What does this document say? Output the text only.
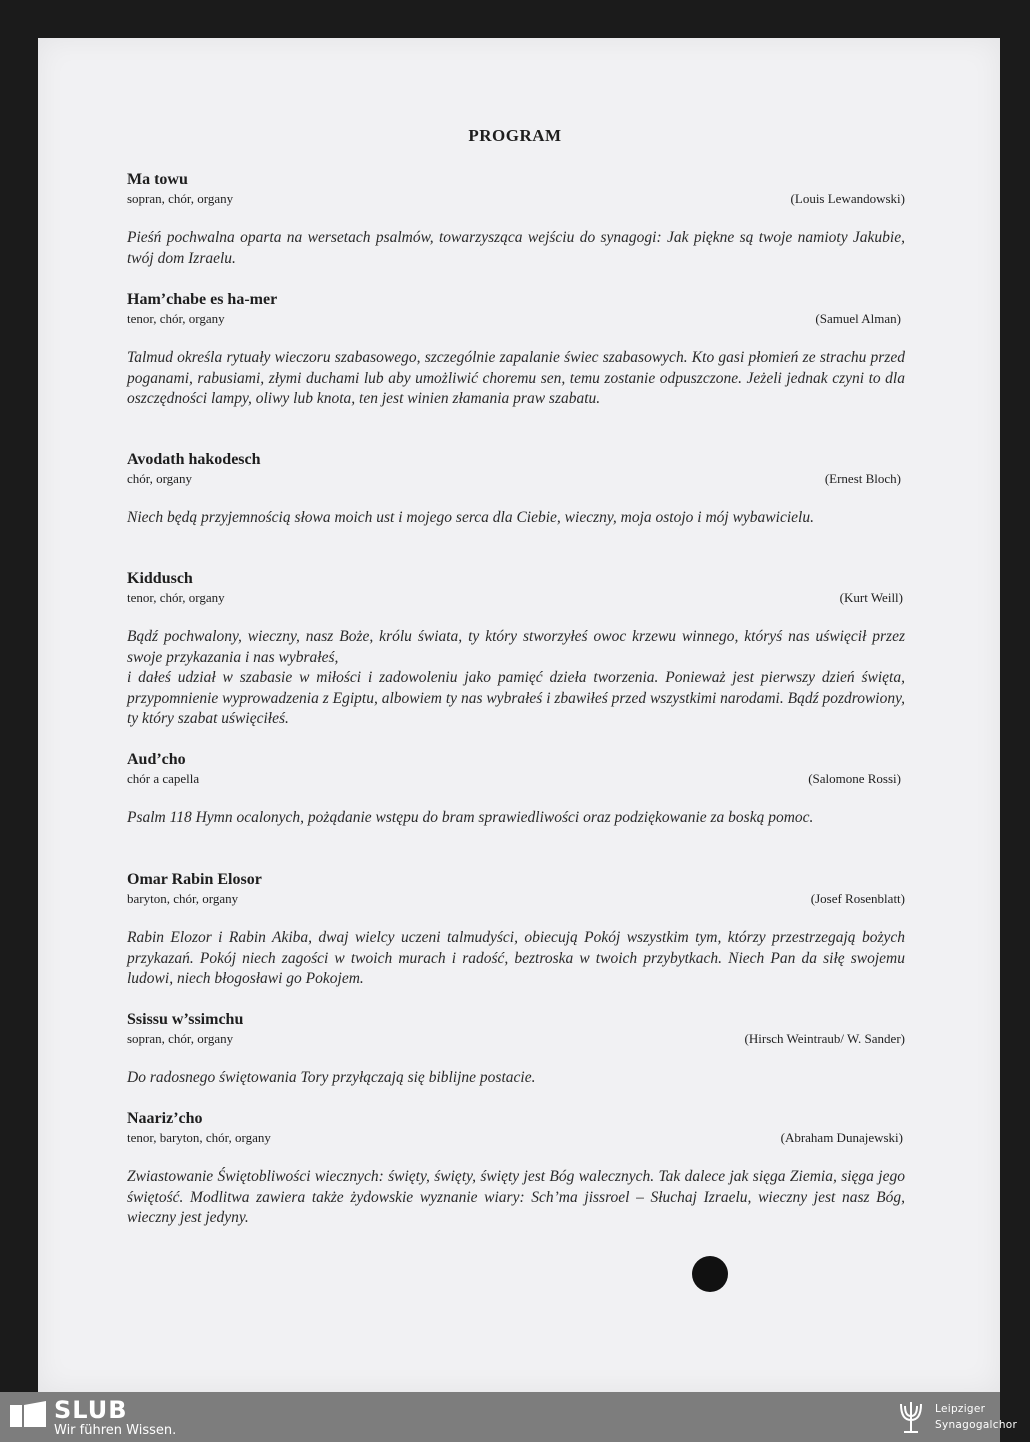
PROGRAM
Ma towu
sopran, chór, organy	(Louis Lewandowski)
Pieśń pochwalna oparta na wersetach psalmów, towarzysząca wejściu do synagogi: Jak piękne są twoje namioty Jakubie, twój dom Izraelu.
Ham’chabe es ha-mer
tenor, chór, organy	(Samuel Alman)
Talmud określa rytuały wieczoru szabasowego, szczególnie zapalanie świec szabasowych. Kto gasi płomień ze strachu przed poganami, rabusiami, złymi duchami lub aby umożliwić choremu sen, temu zostanie odpuszczone. Jeżeli jednak czyni to dla oszczędności lampy, oliwy lub knota, ten jest winien złamania praw szabatu.
Avodath hakodesch
chór, organy	(Ernest Bloch)
Niech będą przyjemnością słowa moich ust i mojego serca dla Ciebie, wieczny, moja ostojo i mój wybawicielu.
Kiddusch
tenor, chór, organy	(Kurt Weill)
Bądź pochwalony, wieczny, nasz Boże, królu świata, ty który stworzyłeś owoc krzewu winnego, któryś nas uświęcił przez swoje przykazania i nas wybrałeś,
i dałeś udział w szabasie w miłości i zadowoleniu jako pamięć dzieła tworzenia. Ponieważ jest pierwszy dzień święta, przypomnienie wyprowadzenia z Egiptu, albowiem ty nas wybrałeś i zbawiłeś przed wszystkimi narodami. Bądź pozdrowiony, ty który szabat uświęciłeś.
Aud’cho
chór a capella	(Salomone Rossi)
Psalm 118 Hymn ocalonych, pożądanie wstępu do bram sprawiedliwości oraz podziękowanie za boską pomoc.
Omar Rabin Elosor
baryton, chór, organy	(Josef Rosenblatt)
Rabin Elozor i Rabin Akiba, dwaj wielcy uczeni talmudyści, obiecują Pokój wszystkim tym, którzy przestrzegają bożych przykazań. Pokój niech zagości w twoich murach i radość, beztroska w twoich przybytkach. Niech Pan da siłę swojemu ludowi, niech błogosławi go Pokojem.
Ssissu w’ssimchu
sopran, chór, organy	(Hirsch Weintraub/ W. Sander)
Do radosnego świętowania Tory przyłączają się biblijne postacie.
Naariz’cho
tenor, baryton, chór, organy	(Abraham Dunajewski)
Zwiastowanie Świętobliwości wiecznych: święty, święty, święty jest Bóg walecznych. Tak dalece jak sięga Ziemia, sięga jego świętość. Modlitwa zawiera także żydowskie wyznanie wiary: Sch’ma jissroel – Słuchaj Izraelu, wieczny jest nasz Bóg, wieczny jest jedyny.
SLUB
Wir führen Wissen.
Leipziger
Synagogalchor
